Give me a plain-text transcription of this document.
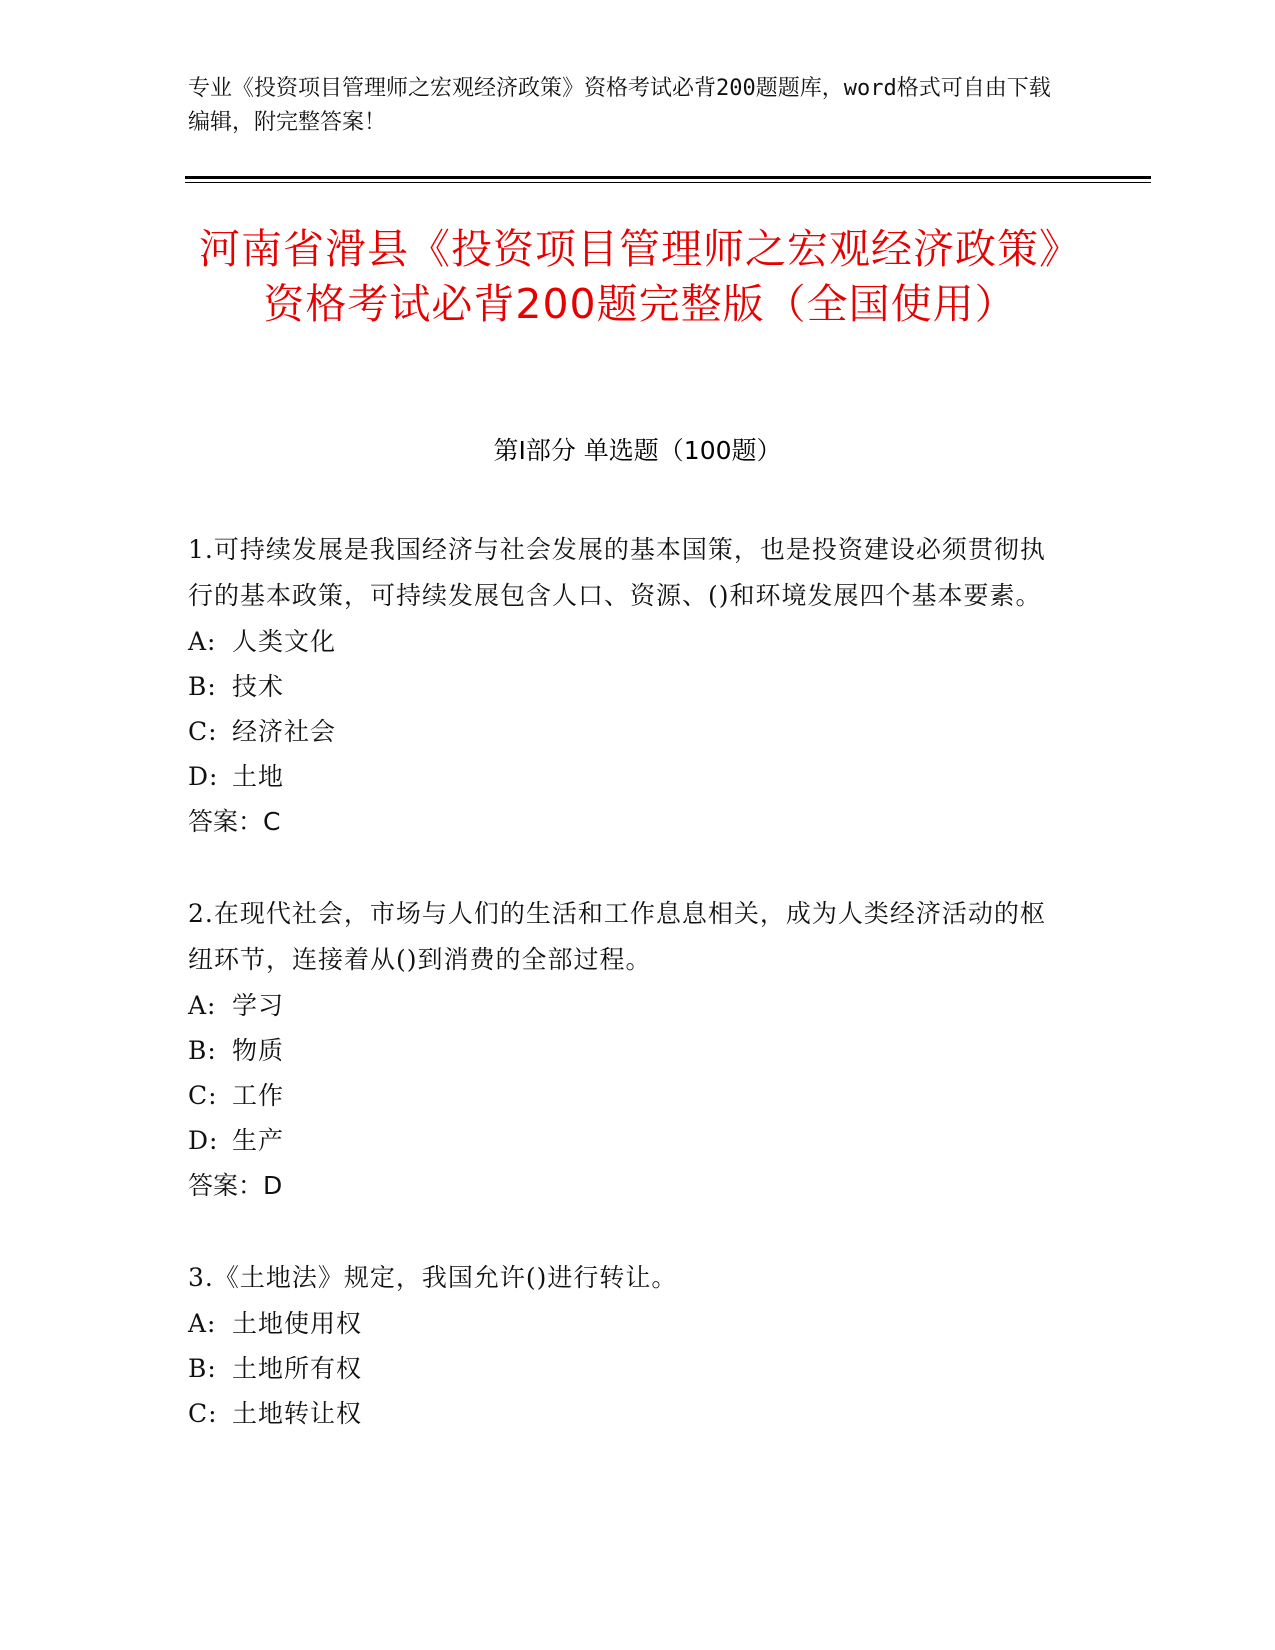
专业《投资项目管理师之宏观经济政策》资格考试必背200题题库，word格式可自由下载编辑，附完整答案！
河南省滑县《投资项目管理师之宏观经济政策》资格考试必背200题完整版（全国使用）
第I部分 单选题（100题）
1.可持续发展是我国经济与社会发展的基本国策，也是投资建设必须贯彻执行的基本政策，可持续发展包含人口、资源、()和环境发展四个基本要素。
A: 人类文化
B: 技术
C: 经济社会
D: 土地
答案：C
2.在现代社会，市场与人们的生活和工作息息相关，成为人类经济活动的枢纽环节，连接着从()到消费的全部过程。
A: 学习
B: 物质
C: 工作
D: 生产
答案：D
3.《土地法》规定，我国允许()进行转让。
A: 土地使用权
B: 土地所有权
C: 土地转让权
